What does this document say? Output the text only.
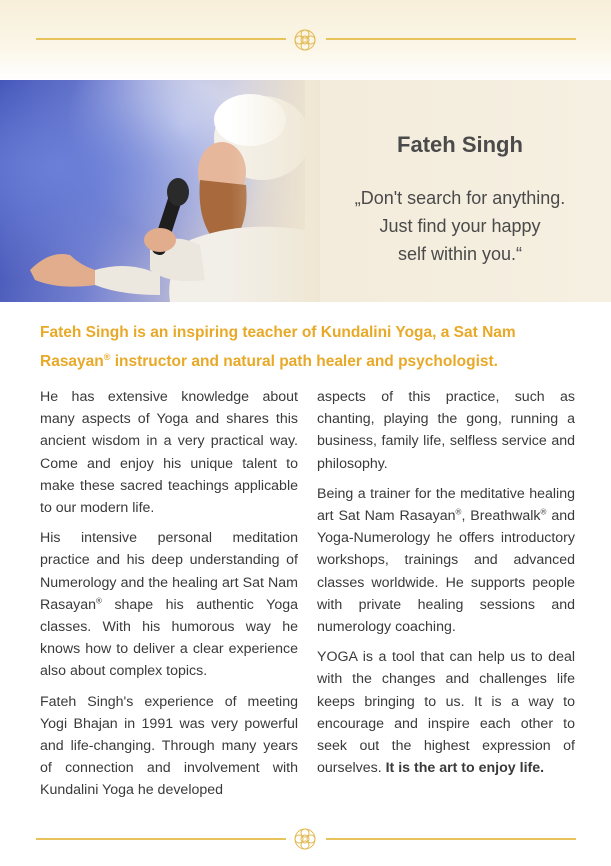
Fateh Singh
„Don't search for anything.
Just find your happy
self within you.“
Fateh Singh is an inspiring teacher of Kundalini Yoga, a Sat Nam Rasayan® instructor and natural path healer and psychologist.

He has extensive knowledge about many aspects of Yoga and shares this ancient wisdom in a very practical way. Come and enjoy his unique talent to make these sacred teachings applicable to our modern life.

His intensive personal meditation practice and his deep understanding of Numerology and the healing art Sat Nam Rasayan® shape his authentic Yoga classes. With his humorous way he knows how to deliver a clear experience also about complex topics.

Fateh Singh's experience of meeting Yogi Bhajan in 1991 was very powerful and life-changing. Through many years of connection and involvement with Kundalini Yoga he developed

aspects of this practice, such as chanting, playing the gong, running a business, family life, selfless service and philosophy.

Being a trainer for the meditative healing art Sat Nam Rasayan®, Breathwalk® and Yoga-Numerology he offers introductory workshops, trainings and advanced classes worldwide. He supports people with private healing sessions and numerology coaching.

YOGA is a tool that can help us to deal with the changes and challenges life keeps bringing to us. It is a way to encourage and inspire each other to seek out the highest expression of ourselves. It is the art to enjoy life.
